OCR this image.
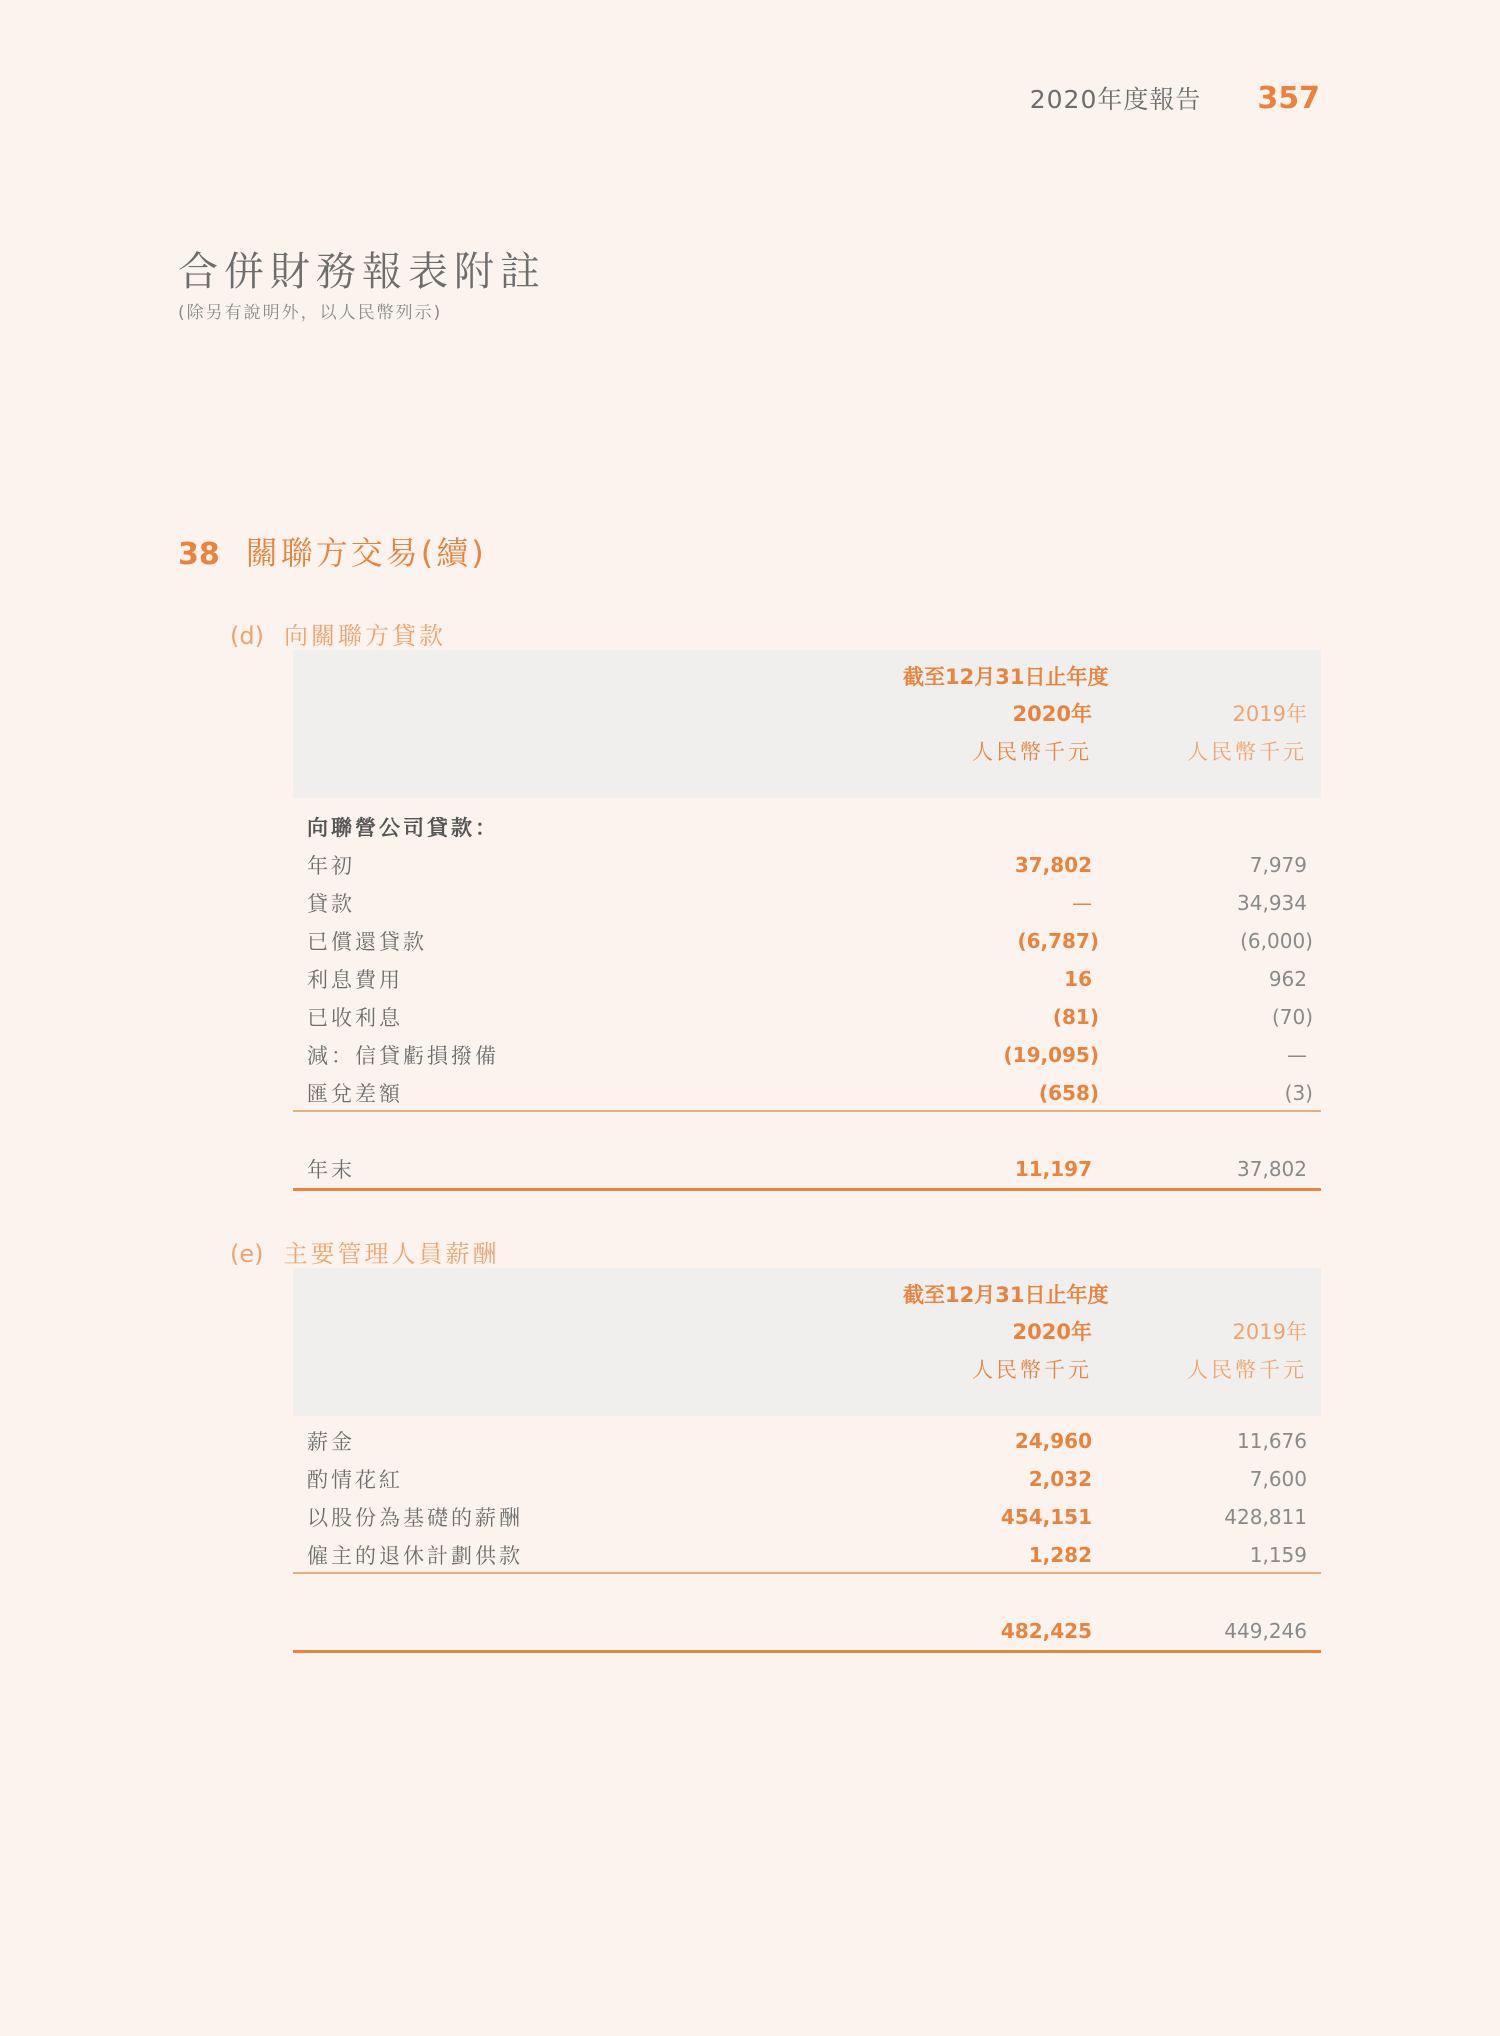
2020年度報告 357
合併財務報表附註
(除另有說明外，以人民幣列示)
38 關聯方交易(續)
(d) 向關聯方貸款
截至12月31日止年度
2020年	2019年
人民幣千元	人民幣千元
向聯營公司貸款：
年初	37,802	7,979
貸款	—	34,934
已償還貸款	(6,787)	(6,000)
利息費用	16	962
已收利息	(81)	(70)
減：信貸虧損撥備	(19,095)	—
匯兌差額	(658)	(3)
年末	11,197	37,802
(e) 主要管理人員薪酬
截至12月31日止年度
2020年	2019年
人民幣千元	人民幣千元
薪金	24,960	11,676
酌情花紅	2,032	7,600
以股份為基礎的薪酬	454,151	428,811
僱主的退休計劃供款	1,282	1,159
482,425	449,246
